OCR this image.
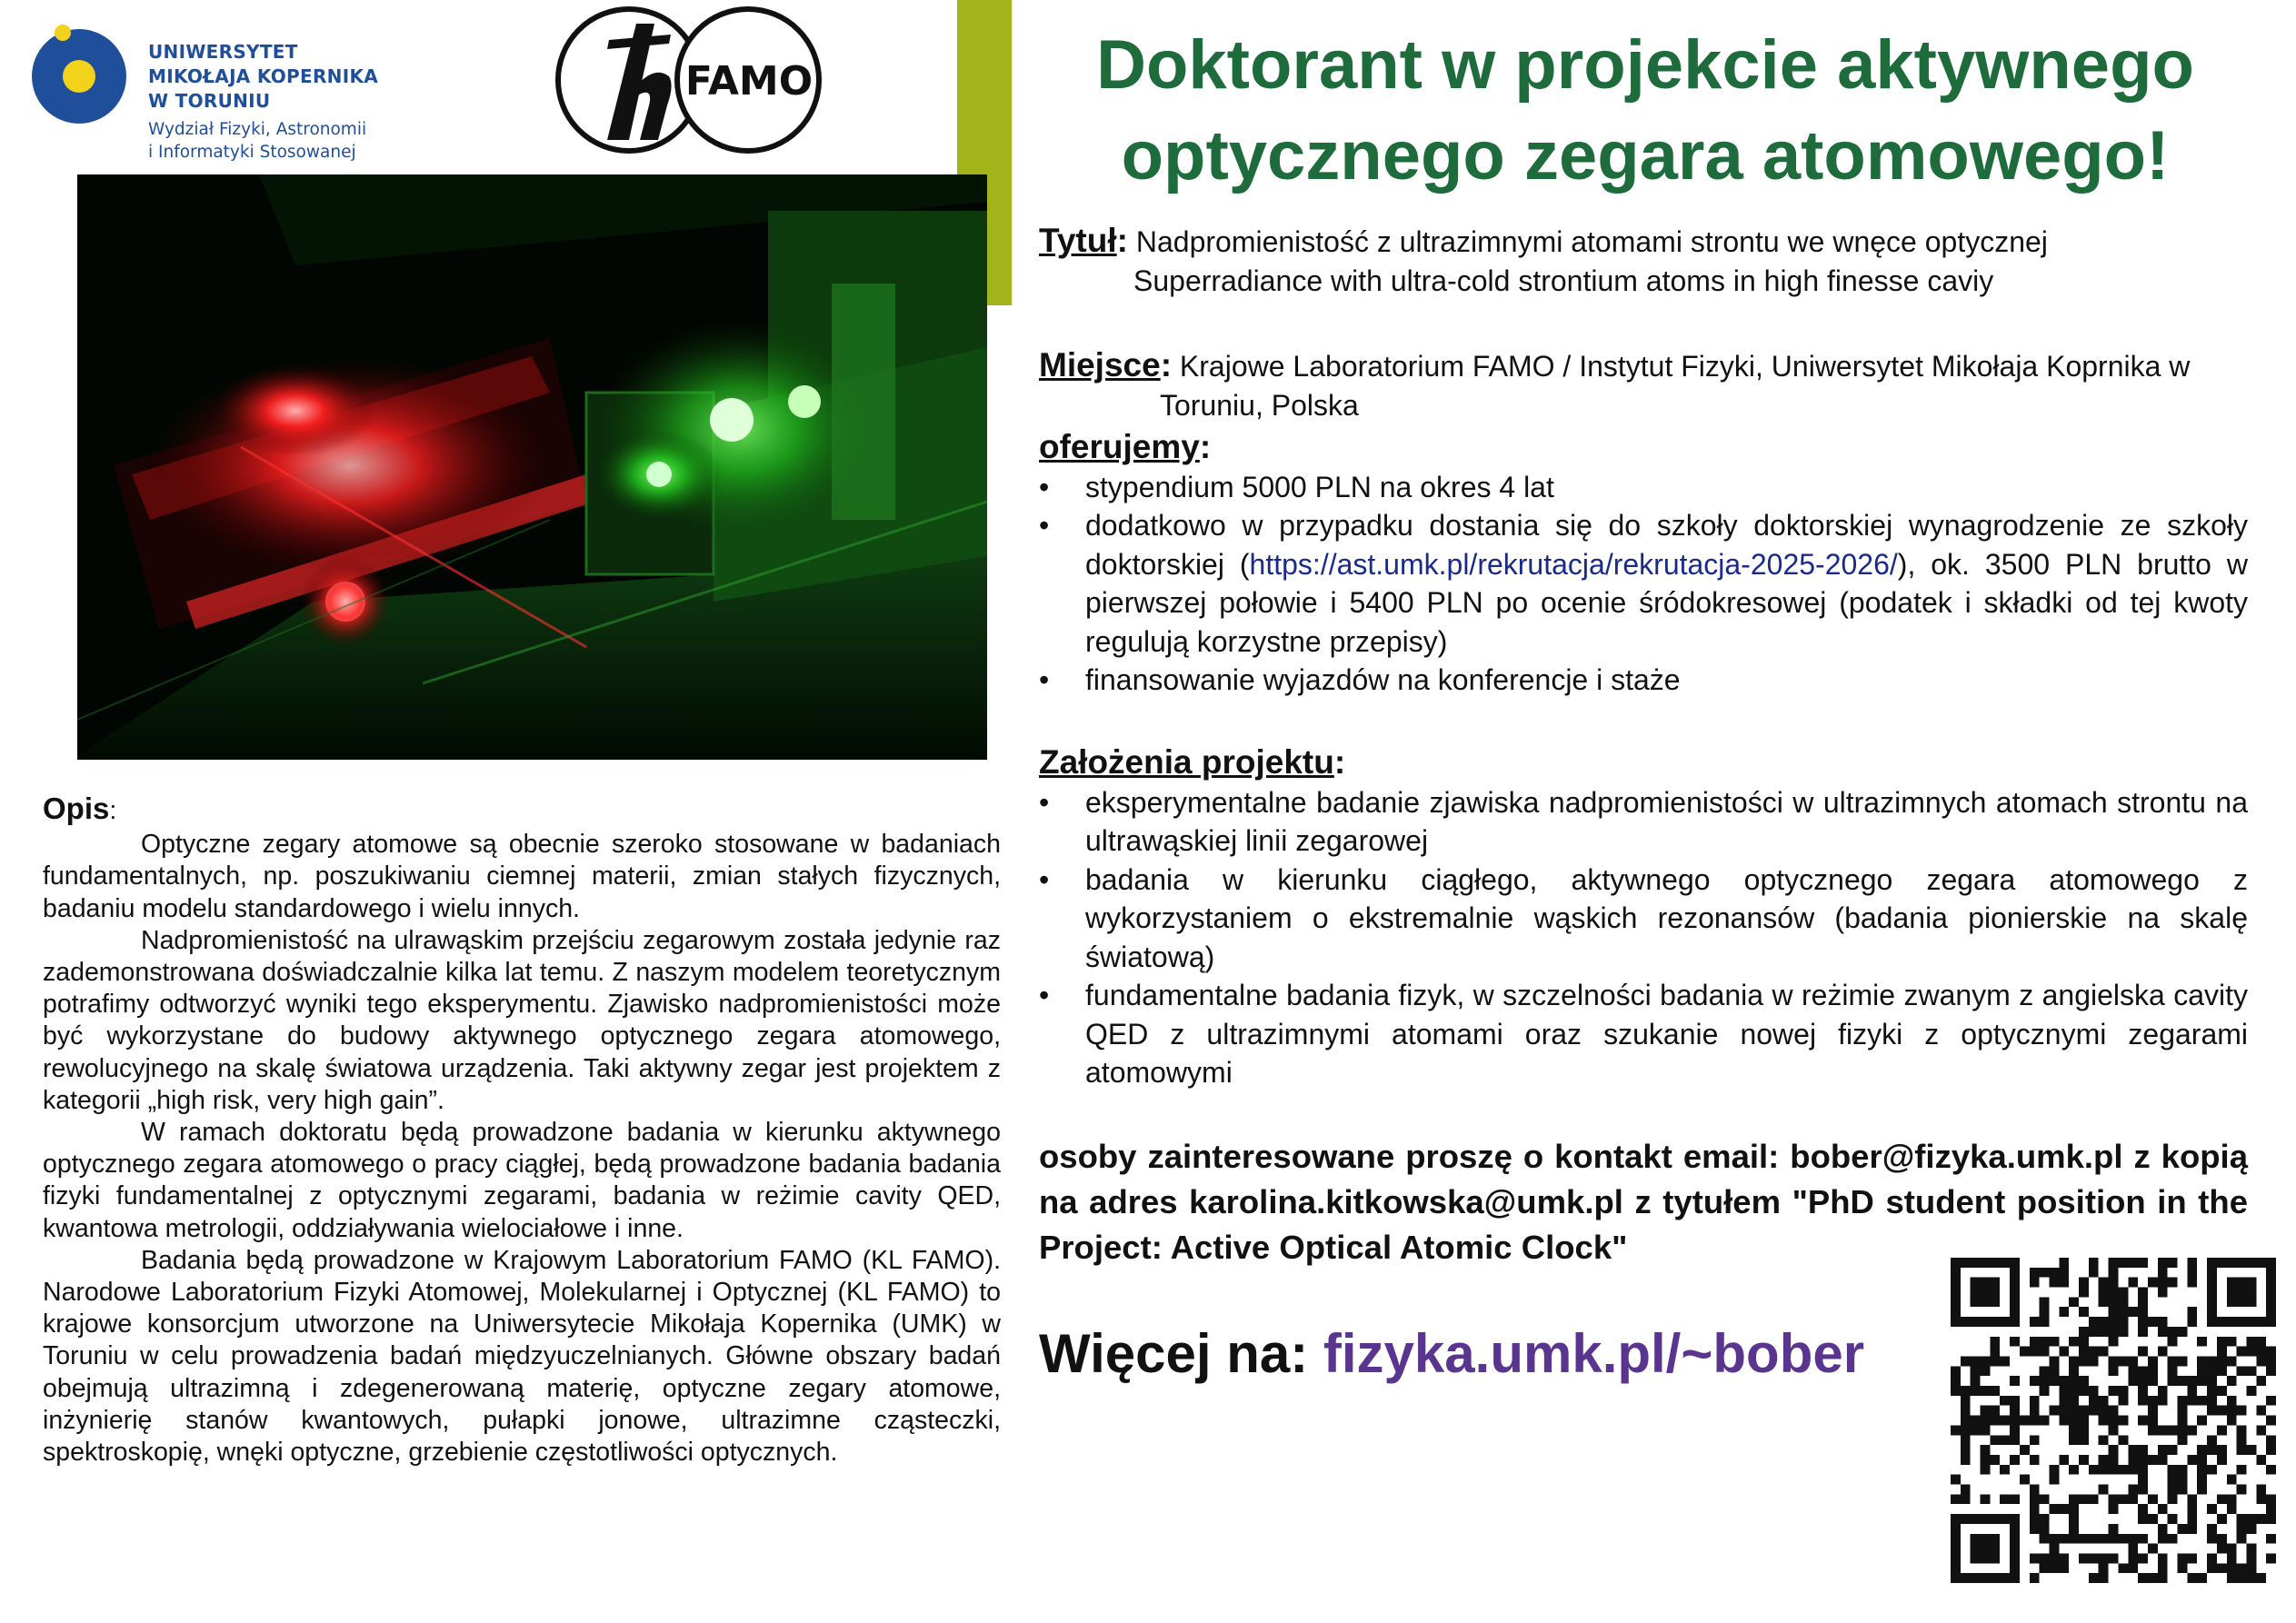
UNIWERSYTET
MIKOŁAJA KOPERNIKA
W TORUNIU
Wydział Fizyki, Astronomii
i Informatyki Stosowanej
FAMO	Doktorant w projekcie aktywnego
optycznego zegara atomowego!
Tytuł: Nadpromienistość z ultrazimnymi atomami strontu we wnęce optycznej
Superradiance with ultra-cold strontium atoms in high finesse caviy
Miejsce: Krajowe Laboratorium FAMO / Instytut Fizyki, Uniwersytet Mikołaja Koprnika w
Toruniu, Polska
oferujemy:
• stypendium 5000 PLN na okres 4 lat
• dodatkowo w przypadku dostania się do szkoły doktorskiej wynagrodzenie ze szkoły doktorskiej (https://ast.umk.pl/rekrutacja/rekrutacja-2025-2026/), ok. 3500 PLN brutto w pierwszej połowie i 5400 PLN po ocenie śródokresowej (podatek i składki od tej kwoty regulują korzystne przepisy)
• finansowanie wyjazdów na konferencje i staże
Założenia projektu:
• eksperymentalne badanie zjawiska nadpromienistości w ultrazimnych atomach strontu na ultrawąskiej linii zegarowej
• badania w kierunku ciągłego, aktywnego optycznego zegara atomowego z wykorzystaniem o ekstremalnie wąskich rezonansów (badania pionierskie na skalę światową)
• fundamentalne badania fizyk, w szczelności badania w reżimie zwanym z angielska cavity QED z ultrazimnymi atomami oraz szukanie nowej fizyki z optycznymi zegarami atomowymi
osoby zainteresowane proszę o kontakt email: bober@fizyka.umk.pl z kopią na adres karolina.kitkowska@umk.pl z tytułem "PhD student position in the Project: Active Optical Atomic Clock"
Więcej na: fizyka.umk.pl/~bober
Opis:

Optyczne zegary atomowe są obecnie szeroko stosowane w badaniach fundamentalnych, np. poszukiwaniu ciemnej materii, zmian stałych fizycznych, badaniu modelu standardowego i wielu innych.

Nadpromienistość na ulrawąskim przejściu zegarowym została jedynie raz zademonstrowana doświadczalnie kilka lat temu. Z naszym modelem teoretycznym potrafimy odtworzyć wyniki tego eksperymentu. Zjawisko nadpromienistości może być wykorzystane do budowy aktywnego optycznego zegara atomowego, rewolucyjnego na skalę światowa urządzenia. Taki aktywny zegar jest projektem z kategorii „high risk, very high gain”.

W ramach doktoratu będą prowadzone badania w kierunku aktywnego optycznego zegara atomowego o pracy ciągłej, będą prowadzone badania badania fizyki fundamentalnej z optycznymi zegarami, badania w reżimie cavity QED, kwantowa metrologii, oddziaływania wielociałowe i inne.

Badania będą prowadzone w Krajowym Laboratorium FAMO (KL FAMO). Narodowe Laboratorium Fizyki Atomowej, Molekularnej i Optycznej (KL FAMO) to krajowe konsorcjum utworzone na Uniwersytecie Mikołaja Kopernika (UMK) w Toruniu w celu prowadzenia badań międzyuczelnianych. Główne obszary badań obejmują ultrazimną i zdegenerowaną materię, optyczne zegary atomowe, inżynierię stanów kwantowych, pułapki jonowe, ultrazimne cząsteczki, spektroskopię, wnęki optyczne, grzebienie częstotliwości optycznych.
